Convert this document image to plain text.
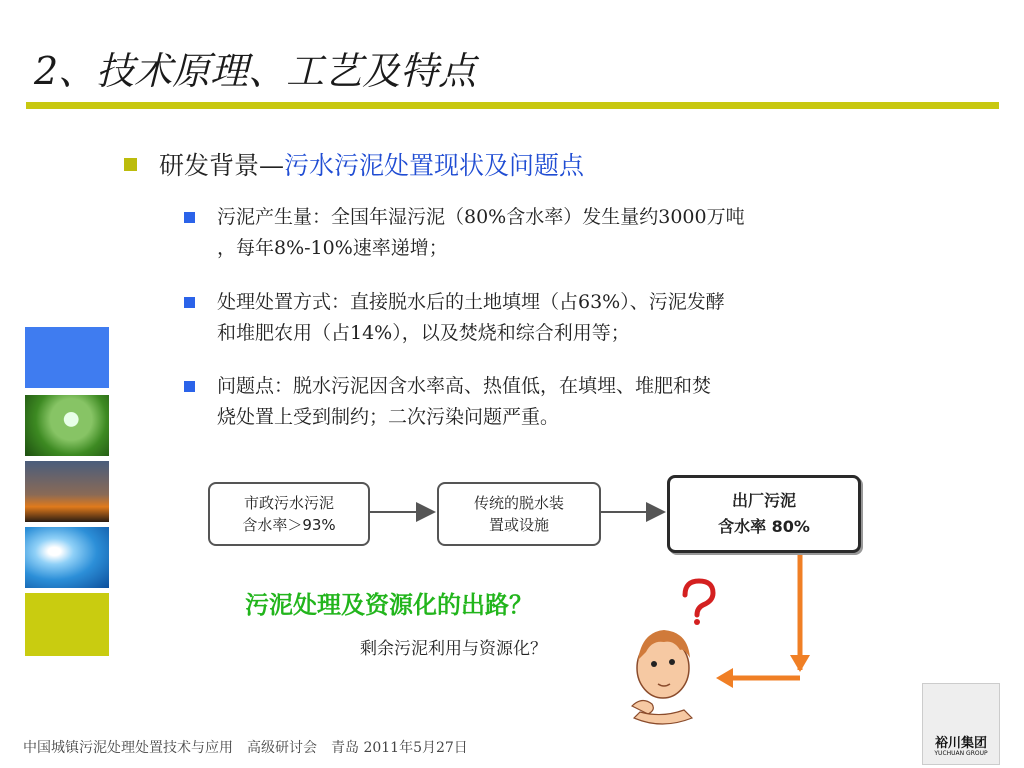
2、技术原理、工艺及特点
研发背景—污水污泥处置现状及问题点
污泥产生量：全国年湿污泥（80%含水率）发生量约3000万吨
，每年8%-10%速率递增；
处理处置方式：直接脱水后的土地填埋（占63%）、污泥发酵
和堆肥农用（占14%），以及焚烧和综合利用等；
问题点：脱水污泥因含水率高、热值低，在填埋、堆肥和焚
烧处置上受到制约；二次污染问题严重。
市政污水污泥
含水率＞93%
传统的脱水装
置或设施
出厂污泥
含水率 80%
污泥处理及资源化的出路？
剩余污泥利用与资源化？
裕川集团
YUCHUAN GROUP
中国城镇污泥处理处置技术与应用　高级研讨会　青岛 2011年5月27日
